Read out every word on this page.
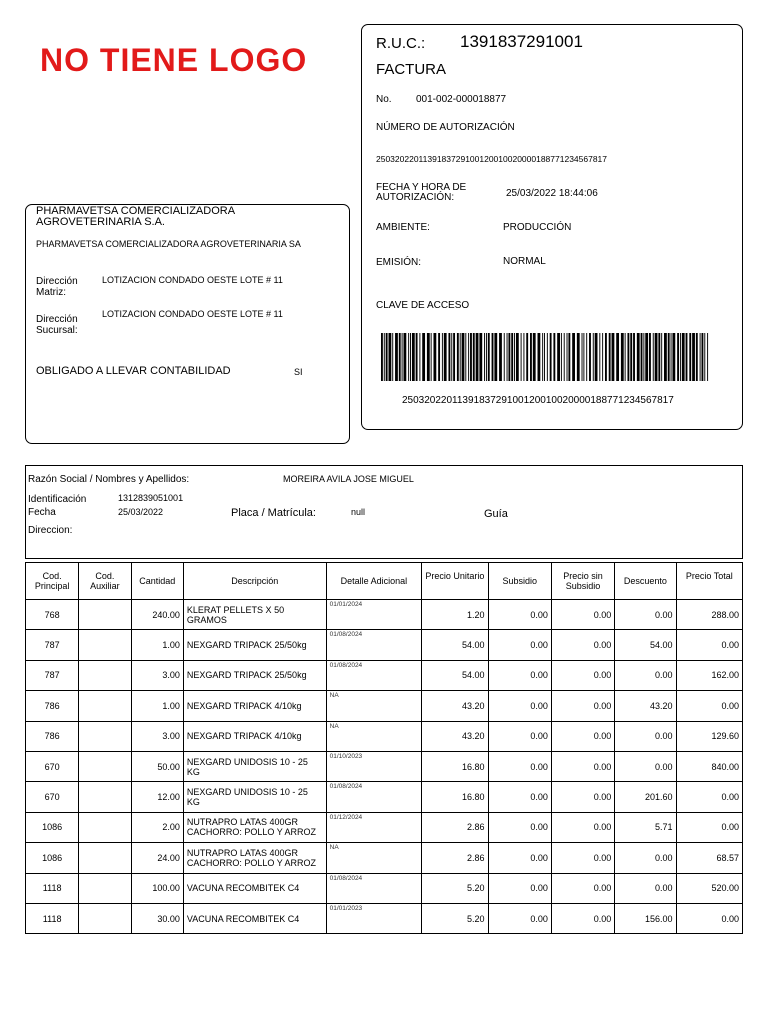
NO TIENE LOGO	R.U.C.: 1391837291001
FACTURA
No. 001-002-000018877
NÚMERO DE AUTORIZACIÓN
2503202201139183729100120010020000188771234567817
FECHA Y HORA DE AUTORIZACIÓN:	25/03/2022 18:44:06
AMBIENTE:	PRODUCCIÓN
EMISIÓN:	NORMAL
CLAVE DE ACCESO
2503202201139183729100120010020000188771234567817
PHARMAVETSA COMERCIALIZADORA AGROVETERINARIA S.A.
PHARMAVETSA COMERCIALIZADORA AGROVETERINARIA SA
Dirección Matriz:
LOTIZACION CONDADO OESTE LOTE # 11
Dirección Sucursal:
LOTIZACION CONDADO OESTE LOTE # 11
OBLIGADO A LLEVAR CONTABILIDAD	SI
Razón Social / Nombres y Apellidos:	MOREIRA AVILA JOSE MIGUEL
Identificación	1312839051001
Fecha	25/03/2022	Placa / Matrícula:	null	Guía
Direccion:
Cod. Principal	Cod. Auxiliar	Cantidad	Descripción	Detalle Adicional	Precio Unitario	Subsidio	Precio sin Subsidio	Descuento	Precio Total
768		240.00	KLERAT PELLETS X 50 GRAMOS	01/01/2024	1.20	0.00	0.00	0.00	288.00
787		1.00	NEXGARD TRIPACK 25/50kg	01/08/2024	54.00	0.00	0.00	54.00	0.00
787		3.00	NEXGARD TRIPACK 25/50kg	01/08/2024	54.00	0.00	0.00	0.00	162.00
786		1.00	NEXGARD TRIPACK 4/10kg	NA	43.20	0.00	0.00	43.20	0.00
786		3.00	NEXGARD TRIPACK 4/10kg	NA	43.20	0.00	0.00	0.00	129.60
670		50.00	NEXGARD UNIDOSIS 10 - 25 KG	01/10/2023	16.80	0.00	0.00	0.00	840.00
670		12.00	NEXGARD UNIDOSIS 10 - 25 KG	01/08/2024	16.80	0.00	0.00	201.60	0.00
1086		2.00	NUTRAPRO LATAS 400GR CACHORRO: POLLO Y ARROZ	01/12/2024	2.86	0.00	0.00	5.71	0.00
1086		24.00	NUTRAPRO LATAS 400GR CACHORRO: POLLO Y ARROZ	NA	2.86	0.00	0.00	0.00	68.57
1118		100.00	VACUNA RECOMBITEK C4	01/08/2024	5.20	0.00	0.00	0.00	520.00
1118		30.00	VACUNA RECOMBITEK C4	01/01/2023	5.20	0.00	0.00	156.00	0.00
